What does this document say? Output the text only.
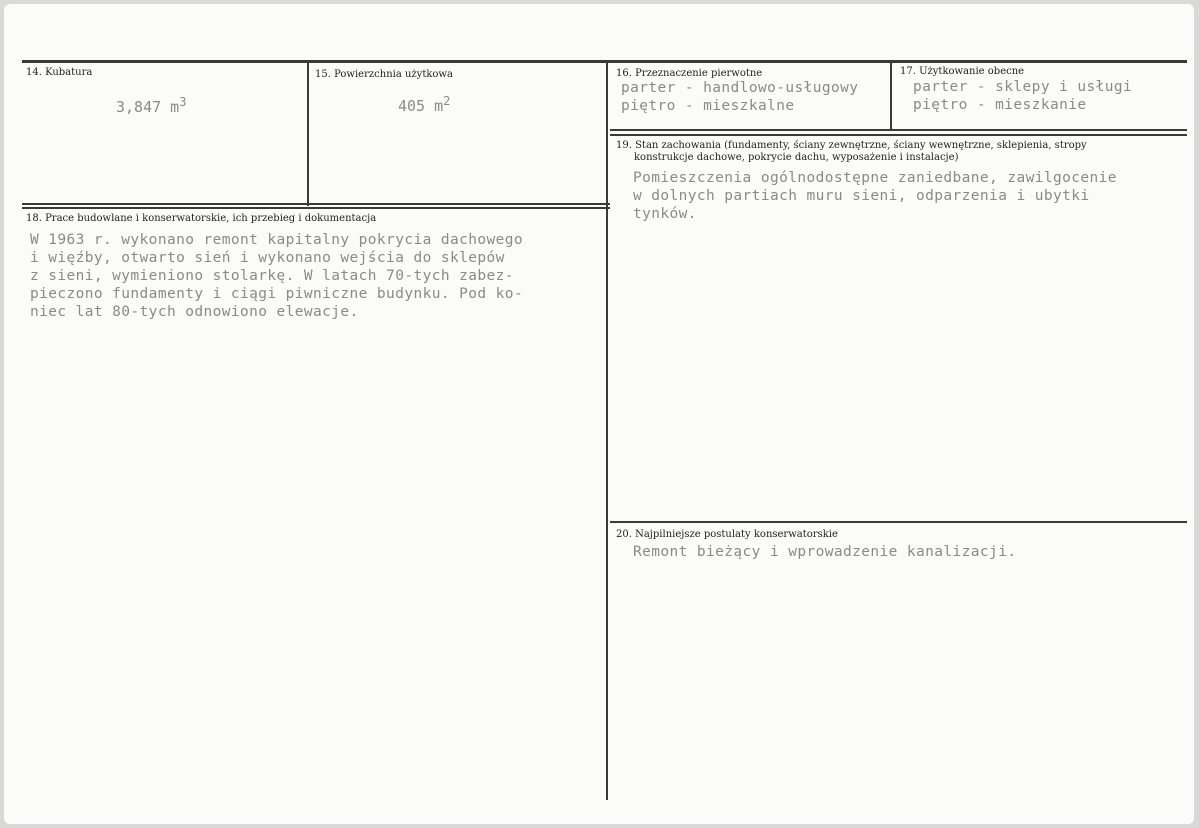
14. Kubatura
3,847 $m^3$
15. Powierzchnia użytkowa
405 $m^2$
16. Przeznaczenie pierwotne
parter - handlowo-usługowy
piętro - mieszkalne
17. Użytkowanie obecne
parter - sklepy i usługi
piętro - mieszkanie
18. Prace budowlane i konserwatorskie, ich przebieg i dokumentacja
W 1963 r. wykonano remont kapitalny pokrycia dachowego
i więźby, otwarto sień i wykonano wejścia do sklepów
z sieni, wymieniono stolarkę. W latach 70-tych zabez-
pieczono fundamenty i ciągi piwniczne budynku. Pod ko-
niec lat 80-tych odnowiono elewacje.
19. Stan zachowania (fundamenty, ściany zewnętrzne, ściany wewnętrzne, sklepienia, stropy
konstrukcje dachowe, pokrycie dachu, wyposażenie i instalacje)
Pomieszczenia ogólnodostępne zaniedbane, zawilgocenie
w dolnych partiach muru sieni, odparzenia i ubytki
tynków.
20. Najpilniejsze postulaty konserwatorskie
Remont bieżący i wprowadzenie kanalizacji.
